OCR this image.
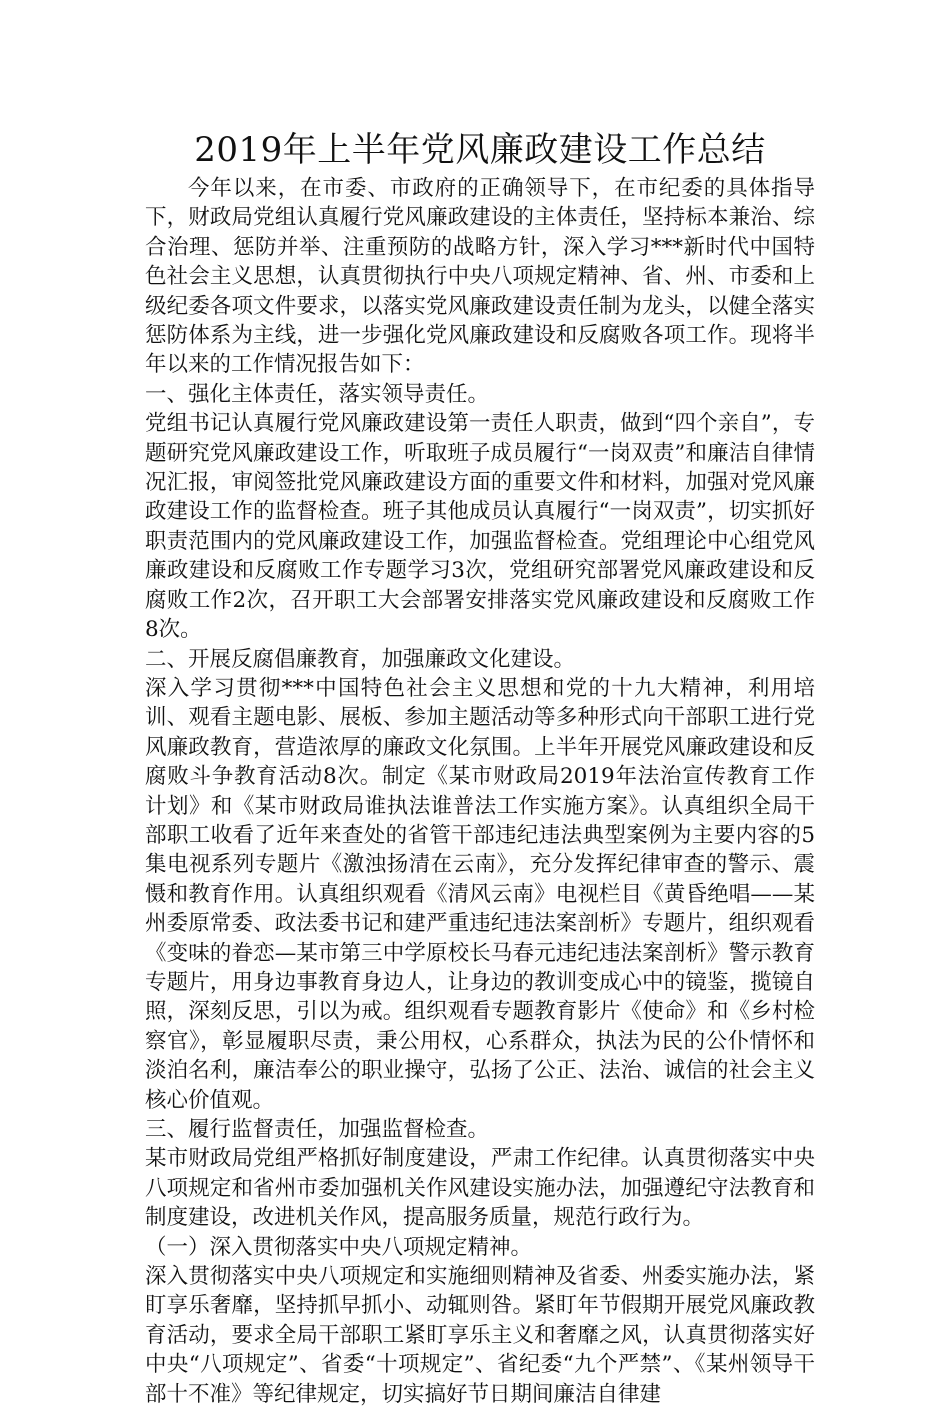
2019年上半年党风廉政建设工作总结

今年以来，在市委、市政府的正确领导下，在市纪委的具体指导下，财政局党组认真履行党风廉政建设的主体责任，坚持标本兼治、综合治理、惩防并举、注重预防的战略方针，深入学习***新时代中国特色社会主义思想，认真贯彻执行中央八项规定精神、省、州、市委和上级纪委各项文件要求，以落实党风廉政建设责任制为龙头，以健全落实惩防体系为主线，进一步强化党风廉政建设和反腐败各项工作。现将半年以来的工作情况报告如下：

一、强化主体责任，落实领导责任。

党组书记认真履行党风廉政建设第一责任人职责，做到“四个亲自”，专题研究党风廉政建设工作，听取班子成员履行“一岗双责”和廉洁自律情况汇报，审阅签批党风廉政建设方面的重要文件和材料，加强对党风廉政建设工作的监督检查。班子其他成员认真履行“一岗双责”，切实抓好职责范围内的党风廉政建设工作，加强监督检查。党组理论中心组党风廉政建设和反腐败工作专题学习3次，党组研究部署党风廉政建设和反腐败工作2次，召开职工大会部署安排落实党风廉政建设和反腐败工作8次。

二、开展反腐倡廉教育，加强廉政文化建设。

深入学习贯彻***中国特色社会主义思想和党的十九大精神，利用培训、观看主题电影、展板、参加主题活动等多种形式向干部职工进行党风廉政教育，营造浓厚的廉政文化氛围。上半年开展党风廉政建设和反腐败斗争教育活动8次。制定《某市财政局2019年法治宣传教育工作计划》和《某市财政局谁执法谁普法工作实施方案》。认真组织全局干部职工收看了近年来查处的省管干部违纪违法典型案例为主要内容的5集电视系列专题片《激浊扬清在云南》，充分发挥纪律审查的警示、震慑和教育作用。认真组织观看《清风云南》电视栏目《黄昏绝唱——某州委原常委、政法委书记和建严重违纪违法案剖析》专题片，组织观看《变味的眷恋—某市第三中学原校长马春元违纪违法案剖析》警示教育专题片，用身边事教育身边人，让身边的教训变成心中的镜鉴，揽镜自照，深刻反思，引以为戒。组织观看专题教育影片《使命》和《乡村检察官》，彰显履职尽责，秉公用权，心系群众，执法为民的公仆情怀和淡泊名利，廉洁奉公的职业操守，弘扬了公正、法治、诚信的社会主义核心价值观。

三、履行监督责任，加强监督检查。

某市财政局党组严格抓好制度建设，严肃工作纪律。认真贯彻落实中央八项规定和省州市委加强机关作风建设实施办法，加强遵纪守法教育和制度建设，改进机关作风，提高服务质量，规范行政行为。

（一）深入贯彻落实中央八项规定精神。

深入贯彻落实中央八项规定和实施细则精神及省委、州委实施办法，紧盯享乐奢靡，坚持抓早抓小、动辄则咎。紧盯年节假期开展党风廉政教育活动，要求全局干部职工紧盯享乐主义和奢靡之风，认真贯彻落实好中央“八项规定”、省委“十项规定”、省纪委“九个严禁”、《某州领导干部十不准》等纪律规定，切实搞好节日期间廉洁自律建
